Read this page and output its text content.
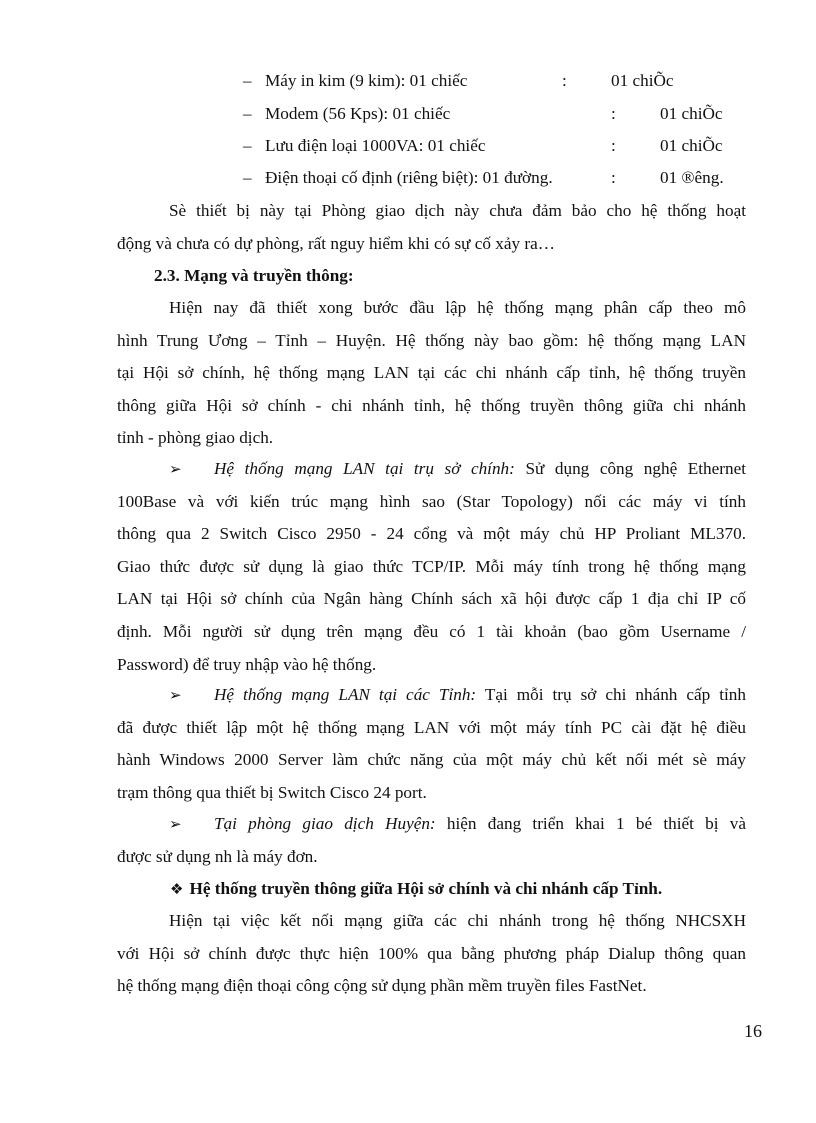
– Máy in kim (9 kim): 01 chiếc	:	01 chiÕc
– Modem (56 Kps): 01 chiếc	:	01 chiÕc
– Lưu điện loại 1000VA: 01 chiếc	:	01 chiÕc
– Điện thoại cố định (riêng biệt): 01 đường.	:	01 ®êng.
Sè thiết bị này tại Phòng giao dịch này chưa đảm bảo cho hệ thống hoạt
động và chưa có dự phòng, rất nguy hiểm khi có sự cố xảy ra…
2.3. Mạng và truyền thông:
Hiện nay đã thiết xong bước đầu lập hệ thống mạng phân cấp theo mô
hình Trung Ương – Tỉnh – Huyện. Hệ thống này bao gồm: hệ thống mạng LAN
tại Hội sở chính, hệ thống mạng LAN tại các chi nhánh cấp tỉnh, hệ thống truyền
thông giữa Hội sở chính - chi nhánh tỉnh, hệ thống truyền thông giữa chi nhánh
tỉnh - phòng giao dịch.
➢ Hệ thống mạng LAN tại trụ sở chính: Sử dụng công nghệ Ethernet
100Base và với kiến trúc mạng hình sao (Star Topology) nối các máy vi tính
thông qua 2 Switch Cisco 2950 - 24 cổng và một máy chủ HP Proliant ML370.
Giao thức được sử dụng là giao thức TCP/IP. Mỗi máy tính trong hệ thống mạng
LAN tại Hội sở chính của Ngân hàng Chính sách xã hội được cấp 1 địa chỉ IP cố
định. Mỗi người sử dụng trên mạng đều có 1 tài khoản (bao gồm Username /
Password) để truy nhập vào hệ thống.
➢ Hệ thống mạng LAN tại các Tỉnh: Tại mỗi trụ sở chi nhánh cấp tỉnh
đã được thiết lập một hệ thống mạng LAN với một máy tính PC cài đặt hệ điều
hành Windows 2000 Server làm chức năng của một máy chủ kết nối mét sè máy
trạm thông qua thiết bị Switch Cisco 24 port.
➢ Tại phòng giao dịch Huyện: hiện đang triển khai 1 bé thiết bị và
được sử dụng nh là máy đơn.
❖ Hệ thống truyền thông giữa Hội sở chính và chi nhánh cấp Tỉnh.
Hiện tại việc kết nối mạng giữa các chi nhánh trong hệ thống NHCSXH
với Hội sở chính được thực hiện 100% qua bằng phương pháp Dialup thông quan
hệ thống mạng điện thoại công cộng sử dụng phần mềm truyền files FastNet.
16
